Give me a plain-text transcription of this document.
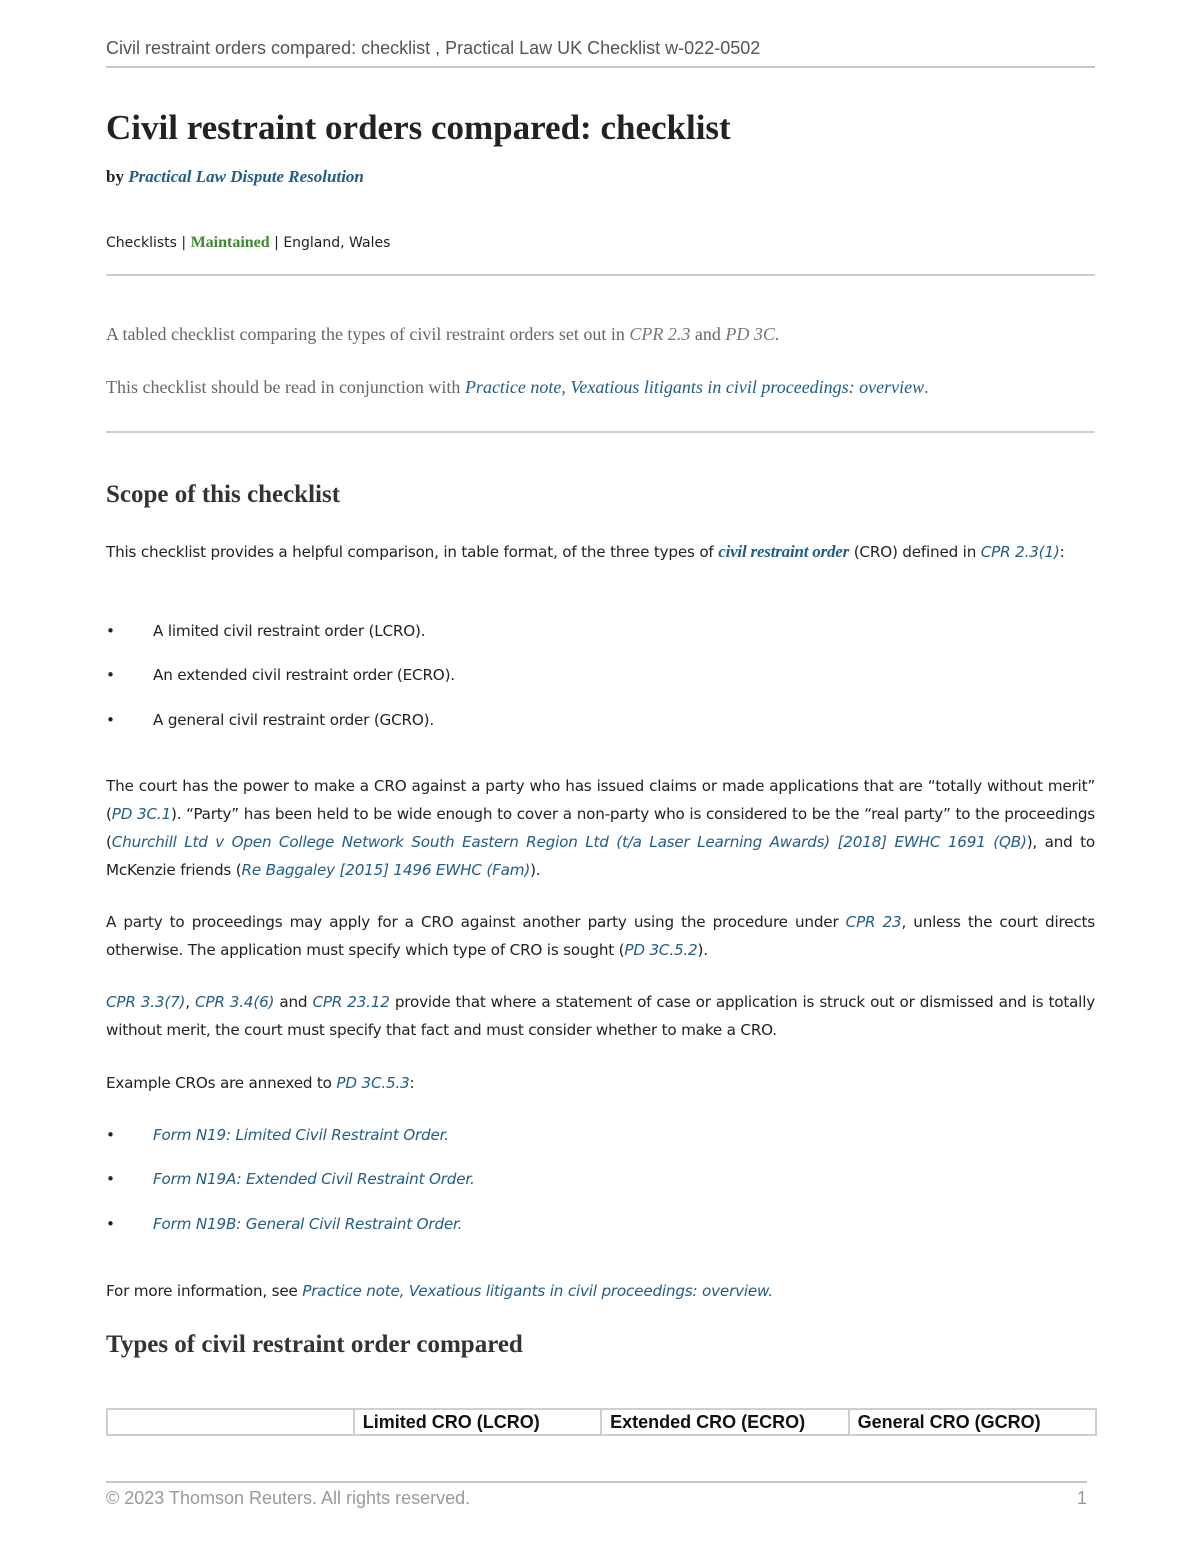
Civil restraint orders compared: checklist , Practical Law UK Checklist w-022-0502
Civil restraint orders compared: checklist
by Practical Law Dispute Resolution
Checklists | Maintained | England, Wales

A tabled checklist comparing the types of civil restraint orders set out in CPR 2.3 and PD 3C.

This checklist should be read in conjunction with Practice note, Vexatious litigants in civil proceedings: overview.

Scope of this checklist

This checklist provides a helpful comparison, in table format, of the three types of civil restraint order (CRO) defined in CPR 2.3(1):

•	A limited civil restraint order (LCRO).
•	An extended civil restraint order (ECRO).
•	A general civil restraint order (GCRO).

The court has the power to make a CRO against a party who has issued claims or made applications that are “totally without merit” (PD 3C.1). “Party” has been held to be wide enough to cover a non-party who is considered to be the “real party” to the proceedings (Churchill Ltd v Open College Network South Eastern Region Ltd (t/a Laser Learning Awards) [2018] EWHC 1691 (QB)), and to McKenzie friends (Re Baggaley [2015] 1496 EWHC (Fam)).

A party to proceedings may apply for a CRO against another party using the procedure under CPR 23, unless the court directs otherwise. The application must specify which type of CRO is sought (PD 3C.5.2).

CPR 3.3(7), CPR 3.4(6) and CPR 23.12 provide that where a statement of case or application is struck out or dismissed and is totally without merit, the court must specify that fact and must consider whether to make a CRO.

Example CROs are annexed to PD 3C.5.3:

•	Form N19: Limited Civil Restraint Order.
•	Form N19A: Extended Civil Restraint Order.
•	Form N19B: General Civil Restraint Order.

For more information, see Practice note, Vexatious litigants in civil proceedings: overview.

Types of civil restraint order compared
	Limited CRO (LCRO)	Extended CRO (ECRO)	General CRO (GCRO)
© 2023 Thomson Reuters. All rights reserved.	1
